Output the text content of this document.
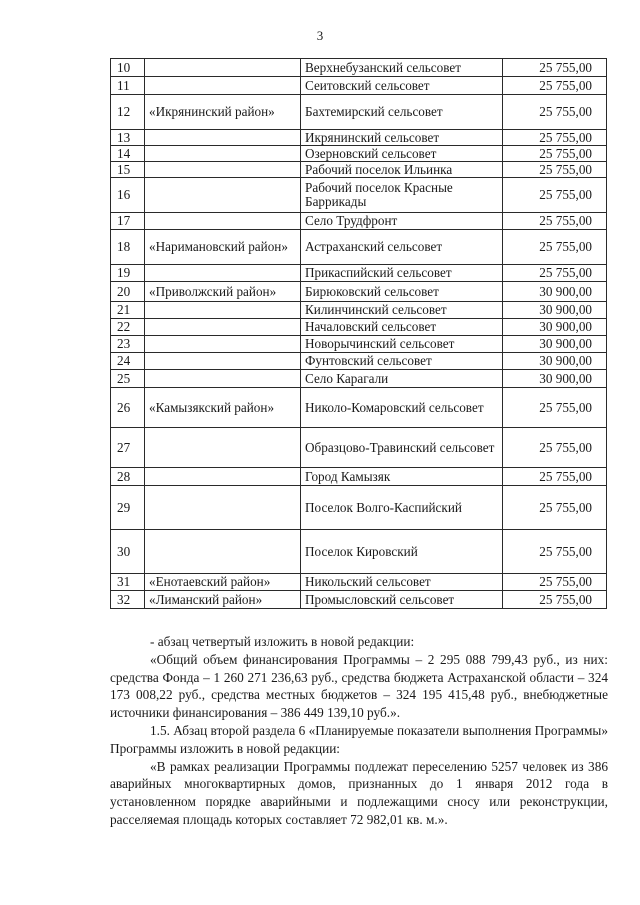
3
10		Верхнебузанский сельсовет	25 755,00
11		Сеитовский сельсовет	25 755,00
12	«Икрянинский район»	Бахтемирский сельсовет	25 755,00
13		Икрянинский сельсовет	25 755,00
14		Озерновский сельсовет	25 755,00
15		Рабочий поселок Ильинка	25 755,00
16		Рабочий поселок Красные Баррикады	25 755,00
17		Село Трудфронт	25 755,00
18	«Наримановский район»	Астраханский сельсовет	25 755,00
19		Прикаспийский сельсовет	25 755,00
20	«Приволжский район»	Бирюковский сельсовет	30 900,00
21		Килинчинский сельсовет	30 900,00
22		Началовский сельсовет	30 900,00
23		Новорычинский сельсовет	30 900,00
24		Фунтовский сельсовет	30 900,00
25		Село Карагали	30 900,00
26	«Камызякский район»	Николо-Комаровский сельсовет	25 755,00
27		Образцово-Травинский сельсовет	25 755,00
28		Город Камызяк	25 755,00
29		Поселок Волго-Каспийский	25 755,00
30		Поселок Кировский	25 755,00
31	«Енотаевский район»	Никольский сельсовет	25 755,00
32	«Лиманский район»	Промысловский сельсовет	25 755,00

- абзац четвертый изложить в новой редакции:

«Общий объем финансирования Программы – 2 295 088 799,43 руб., из них: средства Фонда – 1 260 271 236,63 руб., средства бюджета Астраханской области – 324 173 008,22 руб., средства местных бюджетов – 324 195 415,48 руб., внебюджетные источники финансирования – 386 449 139,10 руб.».

1.5. Абзац второй раздела 6 «Планируемые показатели выполнения Программы» Программы изложить в новой редакции:

«В рамках реализации Программы подлежат переселению 5257 человек из 386 аварийных многоквартирных домов, признанных до 1 января 2012 года в установленном порядке аварийными и подлежащими сносу или реконструкции, расселяемая площадь которых составляет 72 982,01 кв. м.».
